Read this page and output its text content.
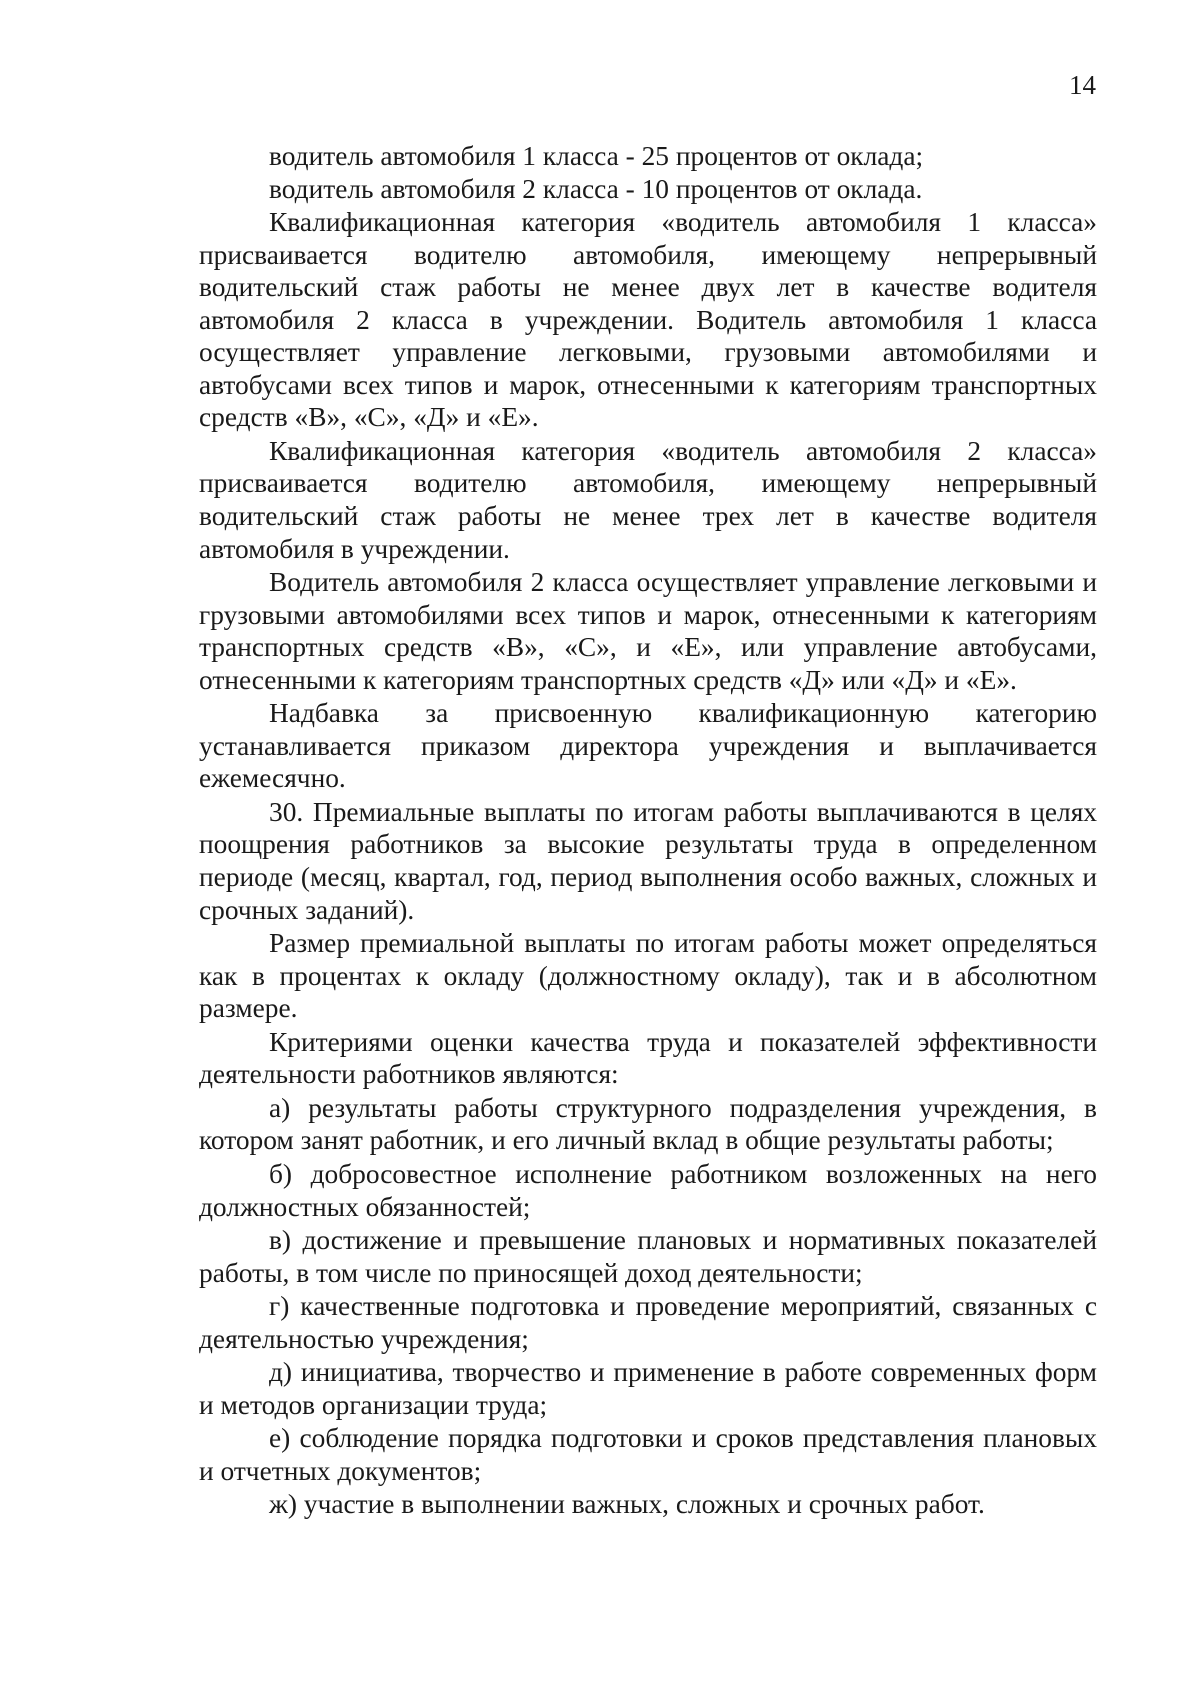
14

водитель автомобиля 1 класса - 25 процентов от оклада;

водитель автомобиля 2 класса - 10 процентов от оклада.

Квалификационная категория «водитель автомобиля 1 класса» присваивается водителю автомобиля, имеющему непрерывный водительский стаж работы не менее двух лет в качестве водителя автомобиля 2 класса в учреждении. Водитель автомобиля 1 класса осуществляет управление легковыми, грузовыми автомобилями и автобусами всех типов и марок, отнесенными к категориям транспортных средств «В», «С», «Д» и «Е».

Квалификационная категория «водитель автомобиля 2 класса» присваивается водителю автомобиля, имеющему непрерывный водительский стаж работы не менее трех лет в качестве водителя автомобиля в учреждении.

Водитель автомобиля 2 класса осуществляет управление легковыми и грузовыми автомобилями всех типов и марок, отнесенными к категориям транспортных средств «В», «С», и «Е», или управление автобусами, отнесенными к категориям транспортных средств «Д» или «Д» и «Е».

Надбавка за присвоенную квалификационную категорию устанавливается приказом директора учреждения и выплачивается ежемесячно.

30. Премиальные выплаты по итогам работы выплачиваются в целях поощрения работников за высокие результаты труда в определенном периоде (месяц, квартал, год, период выполнения особо важных, сложных и срочных заданий).

Размер премиальной выплаты по итогам работы может определяться как в процентах к окладу (должностному окладу), так и в абсолютном размере.

Критериями оценки качества труда и показателей эффективности деятельности работников являются:

а) результаты работы структурного подразделения учреждения, в котором занят работник, и его личный вклад в общие результаты работы;

б) добросовестное исполнение работником возложенных на него должностных обязанностей;

в) достижение и превышение плановых и нормативных показателей работы, в том числе по приносящей доход деятельности;

г) качественные подготовка и проведение мероприятий, связанных с деятельностью учреждения;

д) инициатива, творчество и применение в работе современных форм и методов организации труда;

е) соблюдение порядка подготовки и сроков представления плановых и отчетных документов;

ж) участие в выполнении важных, сложных и срочных работ.
